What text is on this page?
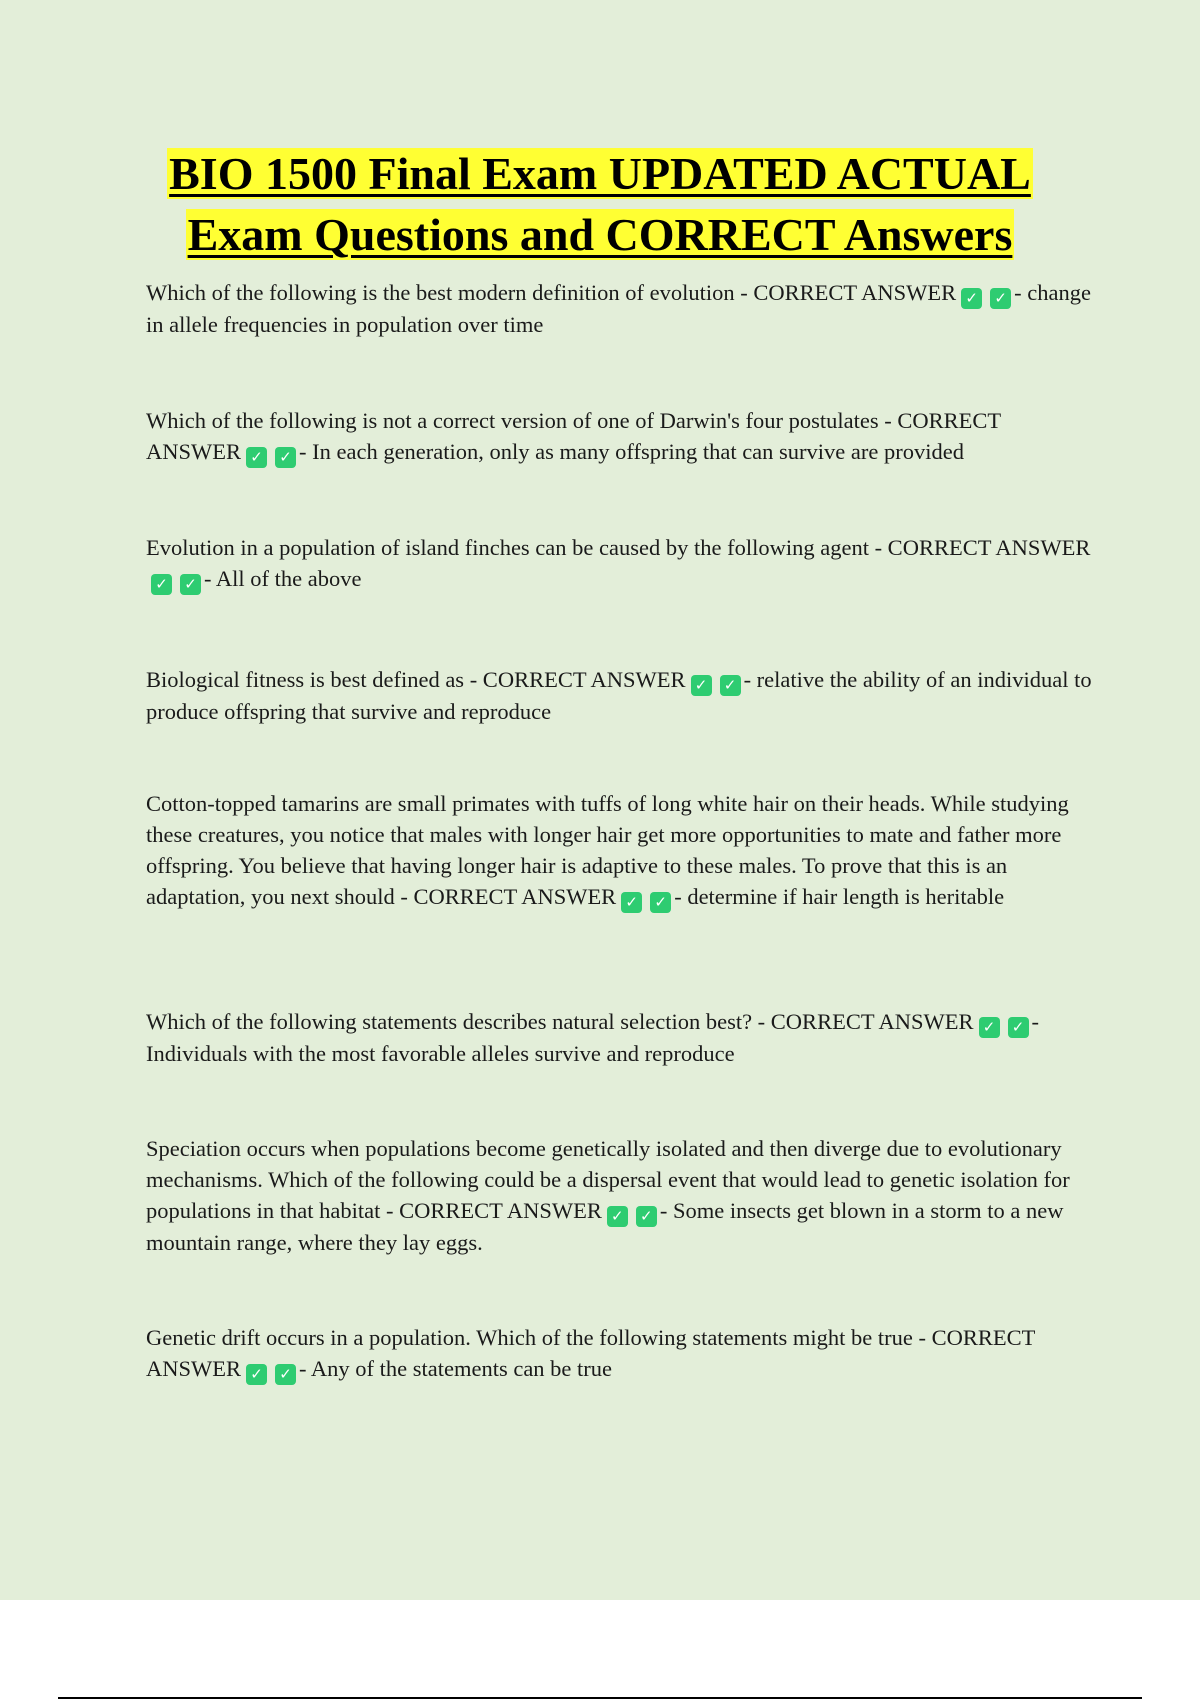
BIO 1500 Final Exam UPDATED ACTUAL
Exam Questions and CORRECT Answers

Which of the following is the best modern definition of evolution - CORRECT ANSWER ✓ ✓ - change in allele frequencies in population over time

Which of the following is not a correct version of one of Darwin's four postulates - CORRECT ANSWER ✓ ✓ - In each generation, only as many offspring that can survive are provided

Evolution in a population of island finches can be caused by the following agent - CORRECT ANSWER✓ ✓ - All of the above

Biological fitness is best defined as - CORRECT ANSWER ✓ ✓ - relative the ability of an individual to produce offspring that survive and reproduce

Cotton-topped tamarins are small primates with tuffs of long white hair on their heads. While studying these creatures, you notice that males with longer hair get more opportunities to mate and father more offspring. You believe that having longer hair is adaptive to these males. To prove that this is an adaptation, you next should - CORRECT ANSWER ✓ ✓ - determine if hair length is heritable

Which of the following statements describes natural selection best? - CORRECT ANSWER ✓ ✓ - Individuals with the most favorable alleles survive and reproduce

Speciation occurs when populations become genetically isolated and then diverge due to evolutionary mechanisms. Which of the following could be a dispersal event that would lead to genetic isolation for populations in that habitat - CORRECT ANSWER ✓ ✓ - Some insects get blown in a storm to a new mountain range, where they lay eggs.

Genetic drift occurs in a population. Which of the following statements might be true - CORRECT ANSWER ✓ ✓ - Any of the statements can be true
